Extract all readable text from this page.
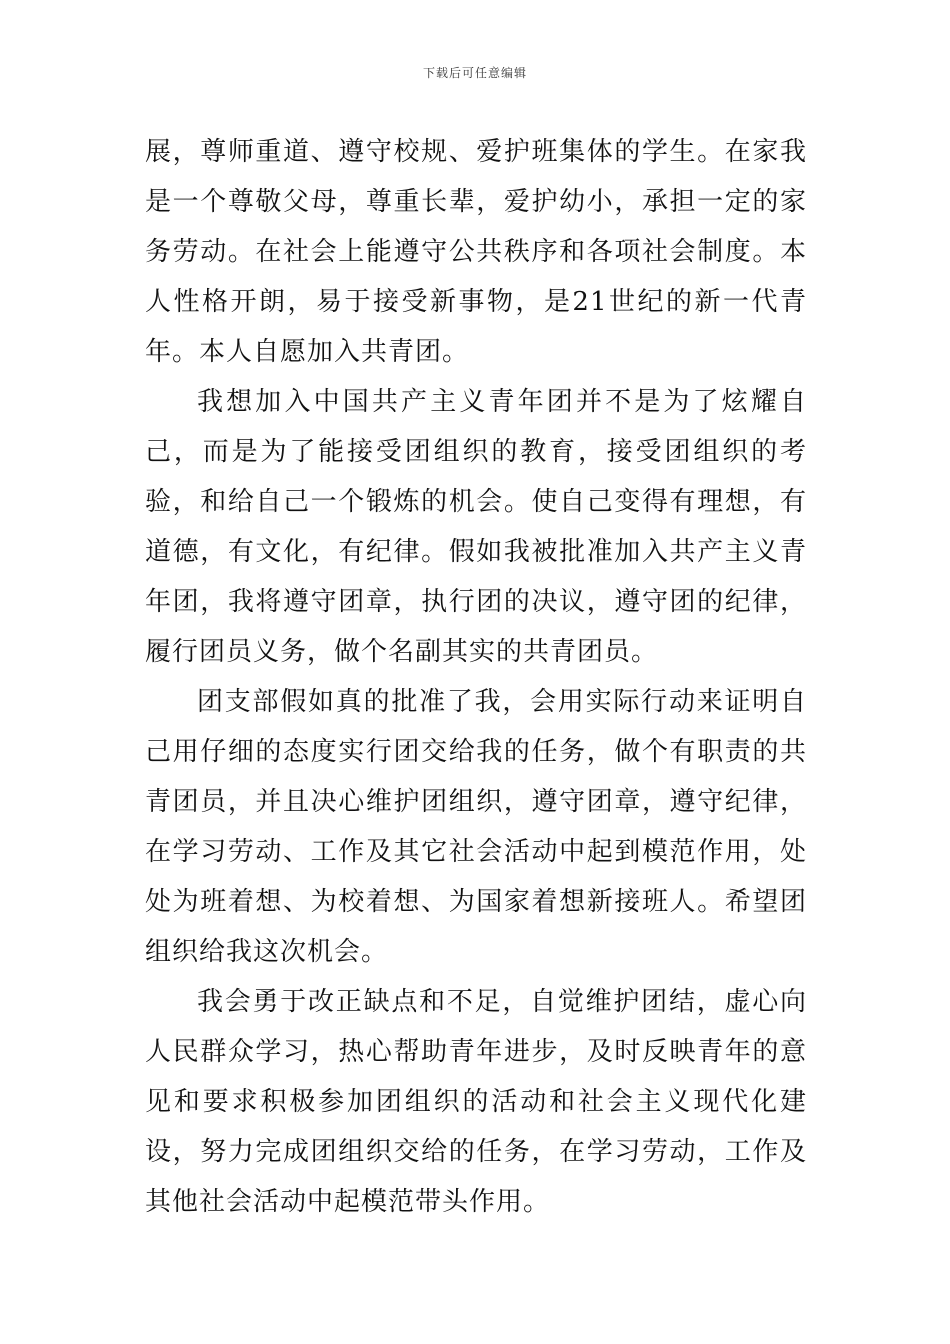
下载后可任意编辑

展，尊师重道、遵守校规、爱护班集体的学生。在家我是一个尊敬父母，尊重长辈，爱护幼小，承担一定的家务劳动。在社会上能遵守公共秩序和各项社会制度。本人性格开朗，易于接受新事物，是21世纪的新一代青年。本人自愿加入共青团。

我想加入中国共产主义青年团并不是为了炫耀自己，而是为了能接受团组织的教育，接受团组织的考验，和给自己一个锻炼的机会。使自己变得有理想，有道德，有文化，有纪律。假如我被批准加入共产主义青年团，我将遵守团章，执行团的决议，遵守团的纪律，履行团员义务，做个名副其实的共青团员。

团支部假如真的批准了我，会用实际行动来证明自己用仔细的态度实行团交给我的任务，做个有职责的共青团员，并且决心维护团组织，遵守团章，遵守纪律，在学习劳动、工作及其它社会活动中起到模范作用，处处为班着想、为校着想、为国家着想新接班人。希望团组织给我这次机会。

我会勇于改正缺点和不足，自觉维护团结，虚心向人民群众学习，热心帮助青年进步，及时反映青年的意见和要求积极参加团组织的活动和社会主义现代化建设，努力完成团组织交给的任务，在学习劳动，工作及其他社会活动中起模范带头作用。
